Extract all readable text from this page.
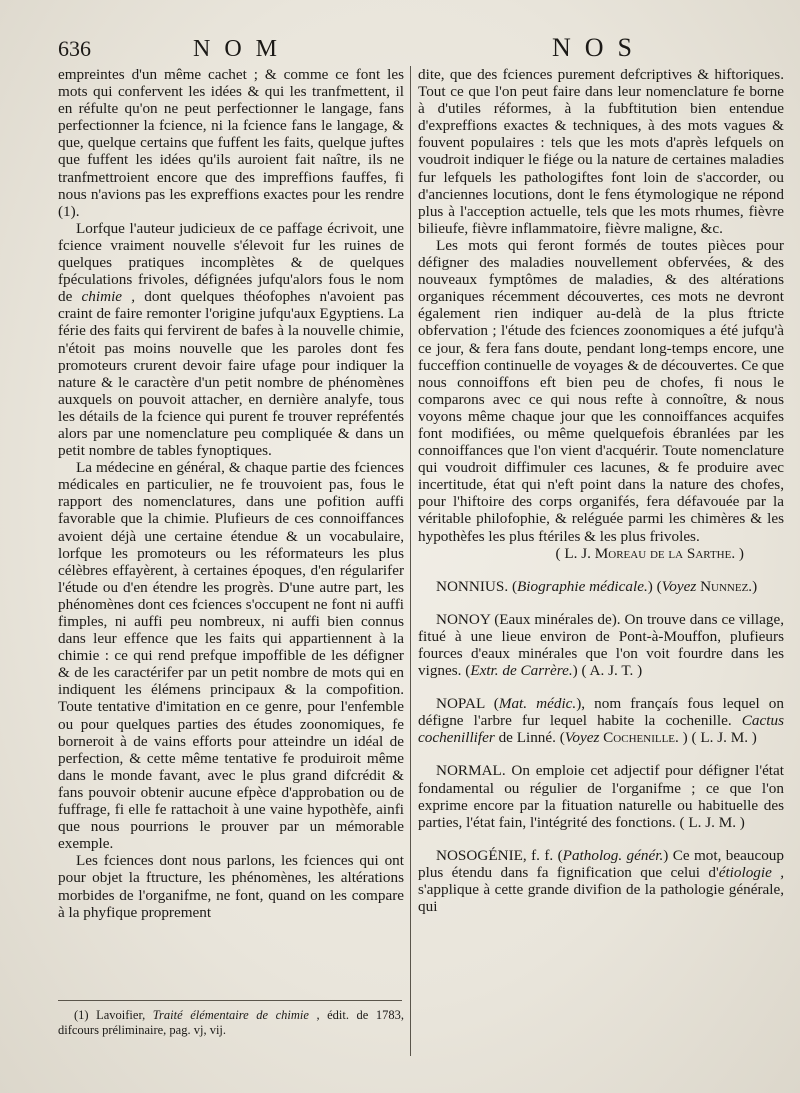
636	NOM	NOS

empreintes d'un même cachet ; & comme ce font les mots qui confervent les idées & qui les tranfmettent, il en réfulte qu'on ne peut perfectionner le langage, fans perfectionner la fcience, ni la fcience fans le langage, & que, quelque certains que fuffent les faits, quelque juftes que fuffent les idées qu'ils auroient fait naître, ils ne tranfmettroient encore que des impreffions fauffes, fi nous n'avions pas les expreffions exactes pour les rendre (1).

Lorfque l'auteur judicieux de ce paffage écrivoit, une fcience vraiment nouvelle s'élevoit fur les ruines de quelques pratiques incomplètes & de quelques fpéculations frivoles, défignées jufqu'alors fous le nom de chimie , dont quelques théofophes n'avoient pas craint de faire remonter l'origine jufqu'aux Egyptiens. La férie des faits qui fervirent de bafes à la nouvelle chimie, n'étoit pas moins nouvelle que les paroles dont fes promoteurs crurent devoir faire ufage pour indiquer la nature & le caractère d'un petit nombre de phénomènes auxquels on pouvoit attacher, en dernière analyfe, tous les détails de la fcience qui purent fe trouver repréfentés alors par une nomenclature peu compliquée & dans un petit nombre de tables fynoptiques.

La médecine en général, & chaque partie des fciences médicales en particulier, ne fe trouvoient pas, fous le rapport des nomenclatures, dans une pofition auffi favorable que la chimie. Plufieurs de ces connoiffances avoient déjà une certaine étendue & un vocabulaire, lorfque les promoteurs ou les réformateurs les plus célèbres effayèrent, à certaines époques, d'en régularifer l'étude ou d'en étendre les progrès. D'une autre part, les phénomènes dont ces fciences s'occupent ne font ni auffi fimples, ni auffi peu nombreux, ni auffi bien connus dans leur effence que les faits qui appartiennent à la chimie : ce qui rend prefque impoffible de les défigner & de les caractérifer par un petit nombre de mots qui en indiquent les élémens principaux & la compofition. Toute tentative d'imitation en ce genre, pour l'enfemble ou pour quelques parties des études zoonomiques, fe borneroit à de vains efforts pour atteindre un idéal de perfection, & cette même tentative fe produiroit même dans le monde favant, avec le plus grand difcrédit & fans pouvoir obtenir aucune efpèce d'approbation ou de fuffrage, fi elle fe rattachoit à une vaine hypothèfe, ainfi que nous pourrions le prouver par un mémorable exemple.

Les fciences dont nous parlons, les fciences qui ont pour objet la ftructure, les phénomènes, les altérations morbides de l'organifme, ne font, quand on les compare à la phyfique proprement

(1) Lavoifier, Traité élémentaire de chimie , édit. de 1783, difcours préliminaire, pag. vj, vij.

dite, que des fciences purement defcriptives & hiftoriques. Tout ce que l'on peut faire dans leur nomenclature fe borne à d'utiles réformes, à la fubftitution bien entendue d'expreffions exactes & techniques, à des mots vagues & fouvent populaires : tels que les mots d'après lefquels on voudroit indiquer le fiége ou la nature de certaines maladies fur lefquels les pathologiftes font loin de s'accorder, ou d'anciennes locutions, dont le fens étymologique ne répond plus à l'acception actuelle, tels que les mots rhumes, fièvre bilieufe, fièvre inflammatoire, fièvre maligne, &c.

Les mots qui feront formés de toutes pièces pour défigner des maladies nouvellement obfervées, & des nouveaux fymptômes de maladies, & des altérations organiques récemment découvertes, ces mots ne devront également rien indiquer au-delà de la plus ftricte obfervation ; l'étude des fciences zoonomiques a été jufqu'à ce jour, & fera fans doute, pendant long-temps encore, une fucceffion continuelle de voyages & de découvertes. Ce que nous connoiffons eft bien peu de chofes, fi nous le comparons avec ce qui nous refte à connoître, & nous voyons même chaque jour que les connoiffances acquifes font modifiées, ou même quelquefois ébranlées par les connoiffances que l'on vient d'acquérir. Toute nomenclature qui voudroit diffimuler ces lacunes, & fe produire avec incertitude, état qui n'eft point dans la nature des chofes, pour l'hiftoire des corps organifés, fera défavouée par la véritable philofophie, & reléguée parmi les chimères & les hypothèfes les plus ftériles & les plus frivoles.

( L. J. Moreau de la Sarthe. )

NONNIUS. (Biographie médicale.) (Voyez Nunnez.)

NONOY (Eaux minérales de). On trouve dans ce village, fitué à une lieue environ de Pont-à-Mouffon, plufieurs fources d'eaux minérales que l'on voit fourdre dans les vignes. (Extr. de Carrère.) ( A. J. T. )

NOPAL (Mat. médic.), nom françaís fous lequel on défigne l'arbre fur lequel habite la cochenille. Cactus cochenillifer de Linné. (Voyez Cochenille. ) ( L. J. M. )

NORMAL. On emploie cet adjectif pour défigner l'état fondamental ou régulier de l'organifme ; ce que l'on exprime encore par la fituation naturelle ou habituelle des parties, l'état fain, l'intégrité des fonctions. ( L. J. M. )

NOSOGÉNIE, f. f. (Patholog. génér.) Ce mot, beaucoup plus étendu dans fa fignification que celui d'étiologie , s'applique à cette grande divifion de la pathologie générale, qui
